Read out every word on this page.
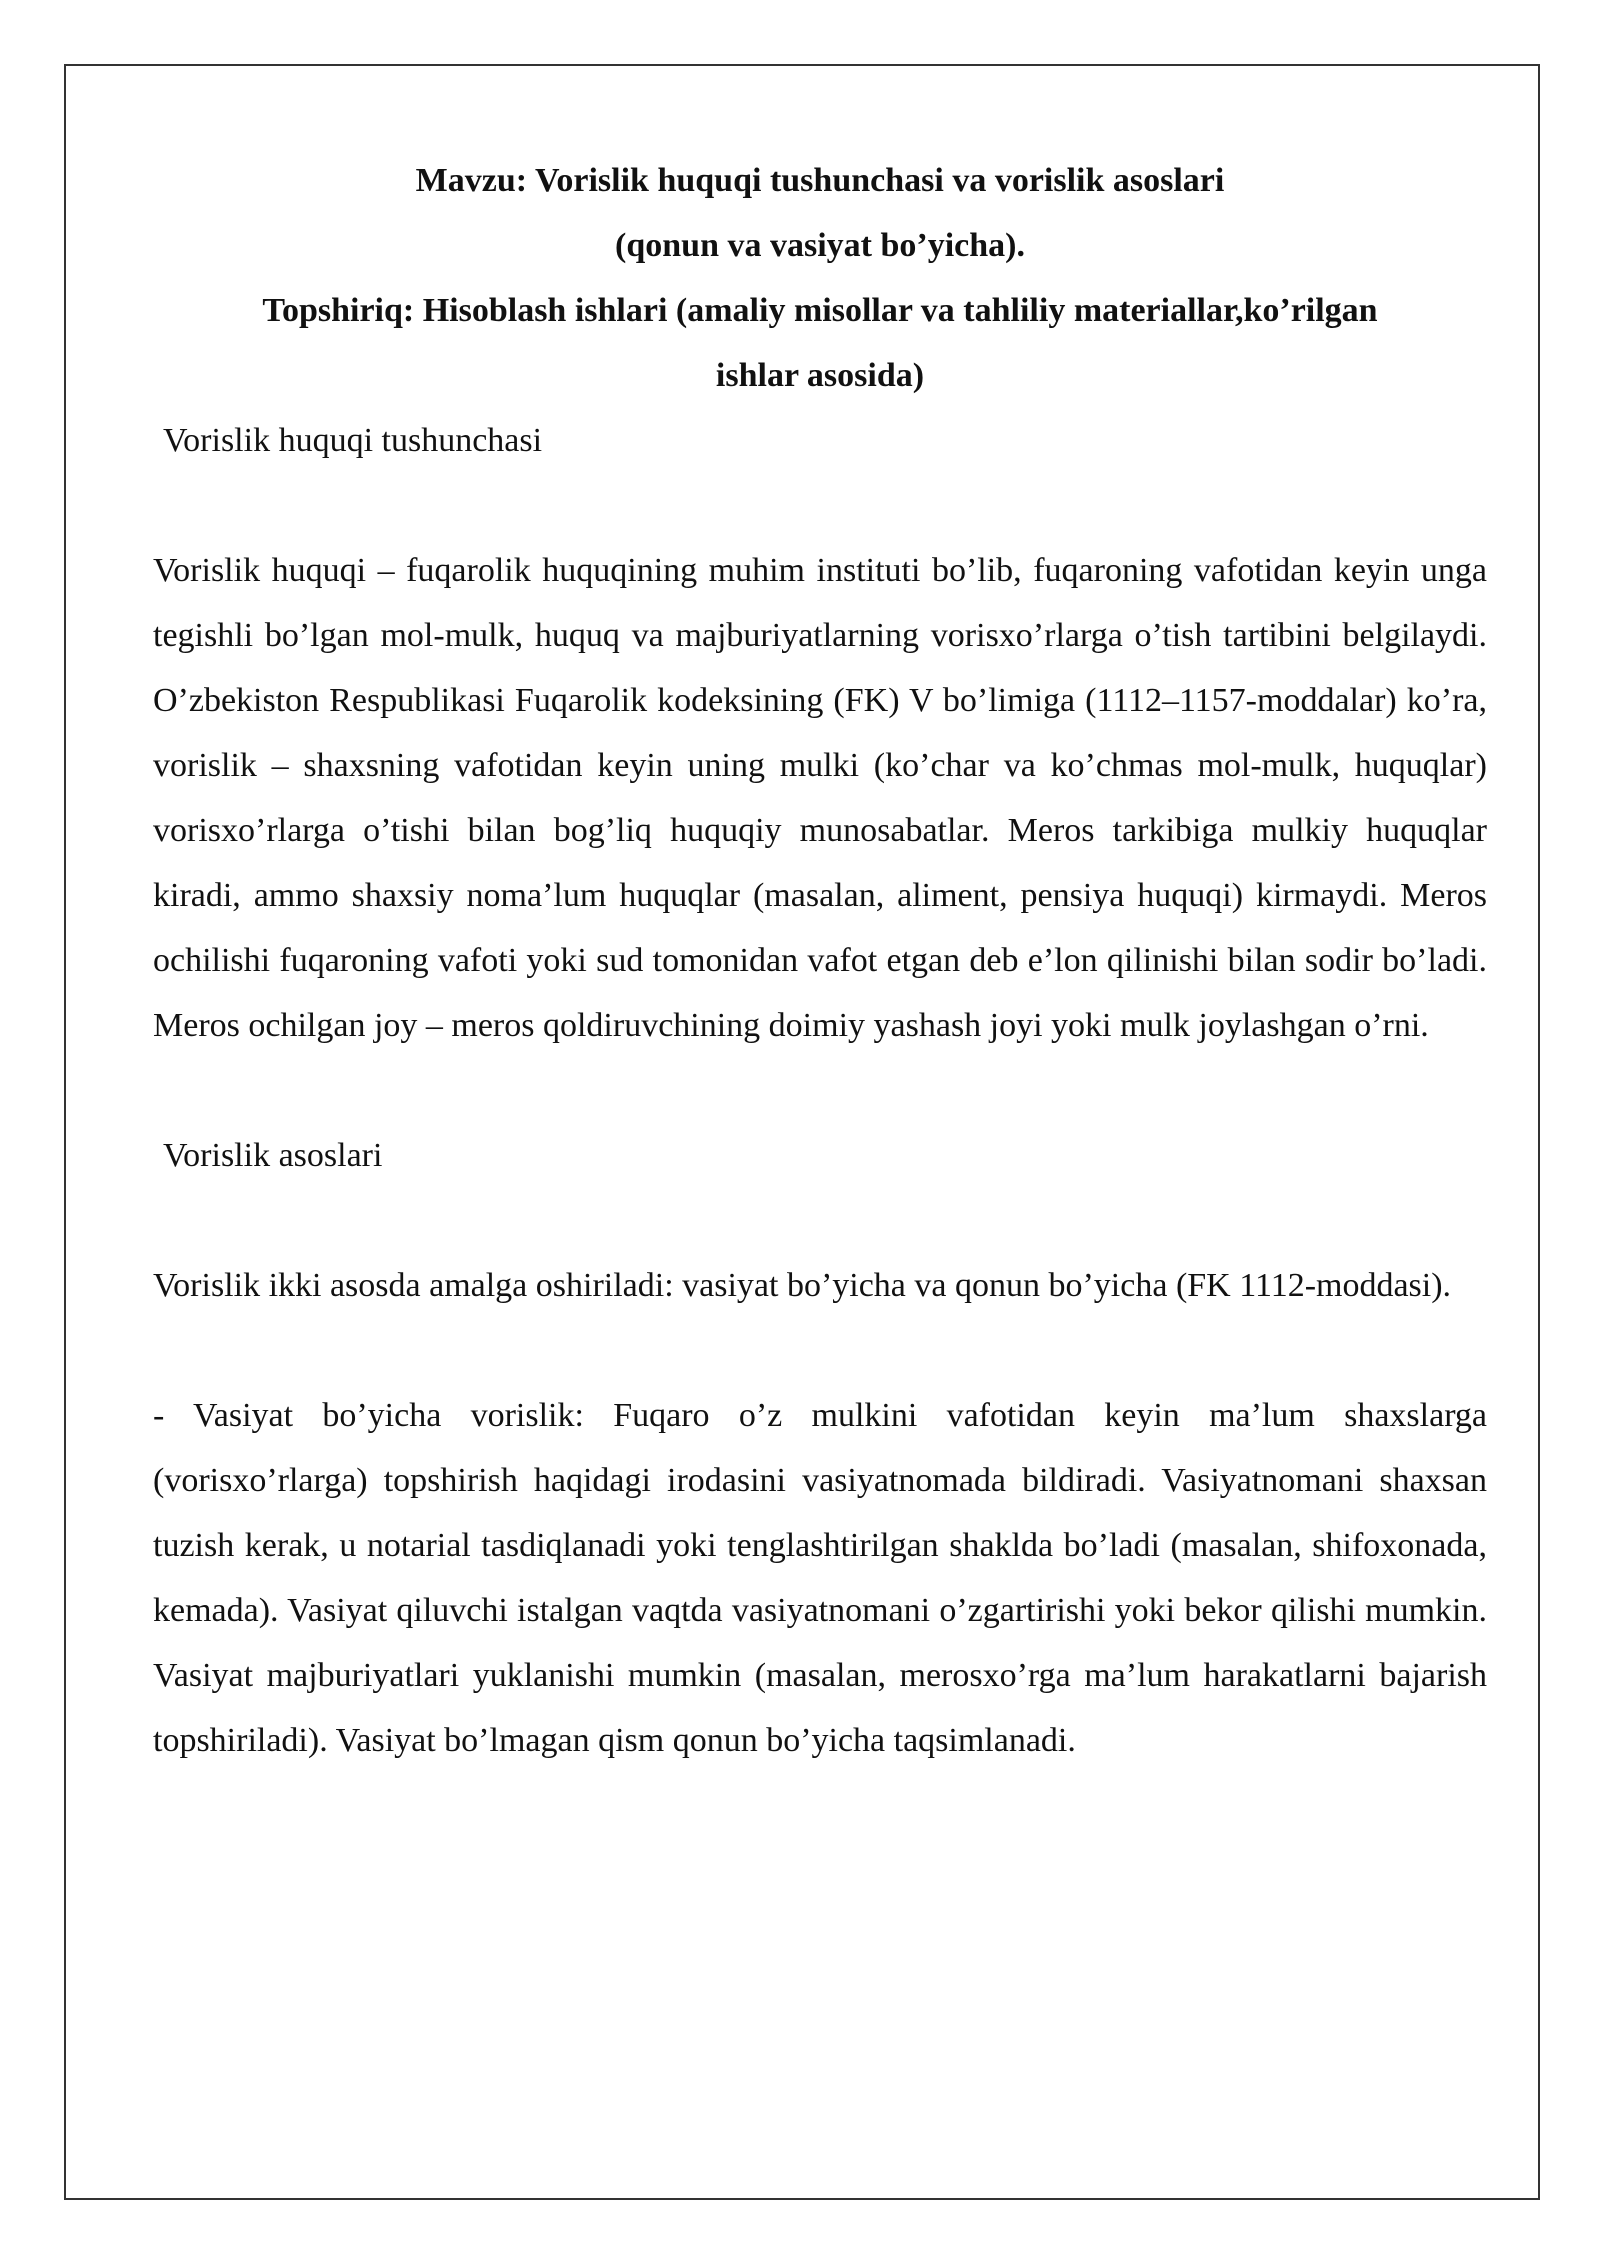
Mavzu: Vorislik huquqi tushunchasi va vorislik asoslari

(qonun va vasiyat bo’yicha).

Topshiriq: Hisoblash ishlari (amaliy misollar va tahliliy materiallar,ko’rilgan

ishlar asosida)

Vorislik huquqi tushunchasi

Vorislik huquqi – fuqarolik huquqining muhim instituti bo’lib, fuqaroning vafotidan keyin unga tegishli bo’lgan mol-mulk, huquq va majburiyatlarning vorisxo’rlarga o’tish tartibini belgilaydi. O’zbekiston Respublikasi Fuqarolik kodeksining (FK) V bo’limiga (1112–1157-moddalar) ko’ra, vorislik – shaxsning vafotidan keyin uning mulki (ko’char va ko’chmas mol-mulk, huquqlar) vorisxo’rlarga o’tishi bilan bog’liq huquqiy munosabatlar. Meros tarkibiga mulkiy huquqlar kiradi, ammo shaxsiy noma’lum huquqlar (masalan, aliment, pensiya huquqi) kirmaydi. Meros ochilishi fuqaroning vafoti yoki sud tomonidan vafot etgan deb e’lon qilinishi bilan sodir bo’ladi. Meros ochilgan joy – meros qoldiruvchining doimiy yashash joyi yoki mulk joylashgan o’rni.

Vorislik asoslari

Vorislik ikki asosda amalga oshiriladi: vasiyat bo’yicha va qonun bo’yicha (FK 1112-moddasi).

- Vasiyat bo’yicha vorislik: Fuqaro o’z mulkini vafotidan keyin ma’lum shaxslarga (vorisxo’rlarga) topshirish haqidagi irodasini vasiyatnomada bildiradi. Vasiyatnomani shaxsan tuzish kerak, u notarial tasdiqlanadi yoki tenglashtirilgan shaklda bo’ladi (masalan, shifoxonada, kemada). Vasiyat qiluvchi istalgan vaqtda vasiyatnomani o’zgartirishi yoki bekor qilishi mumkin. Vasiyat majburiyatlari yuklanishi mumkin (masalan, merosxo’rga ma’lum harakatlarni bajarish topshiriladi). Vasiyat bo’lmagan qism qonun bo’yicha taqsimlanadi.
